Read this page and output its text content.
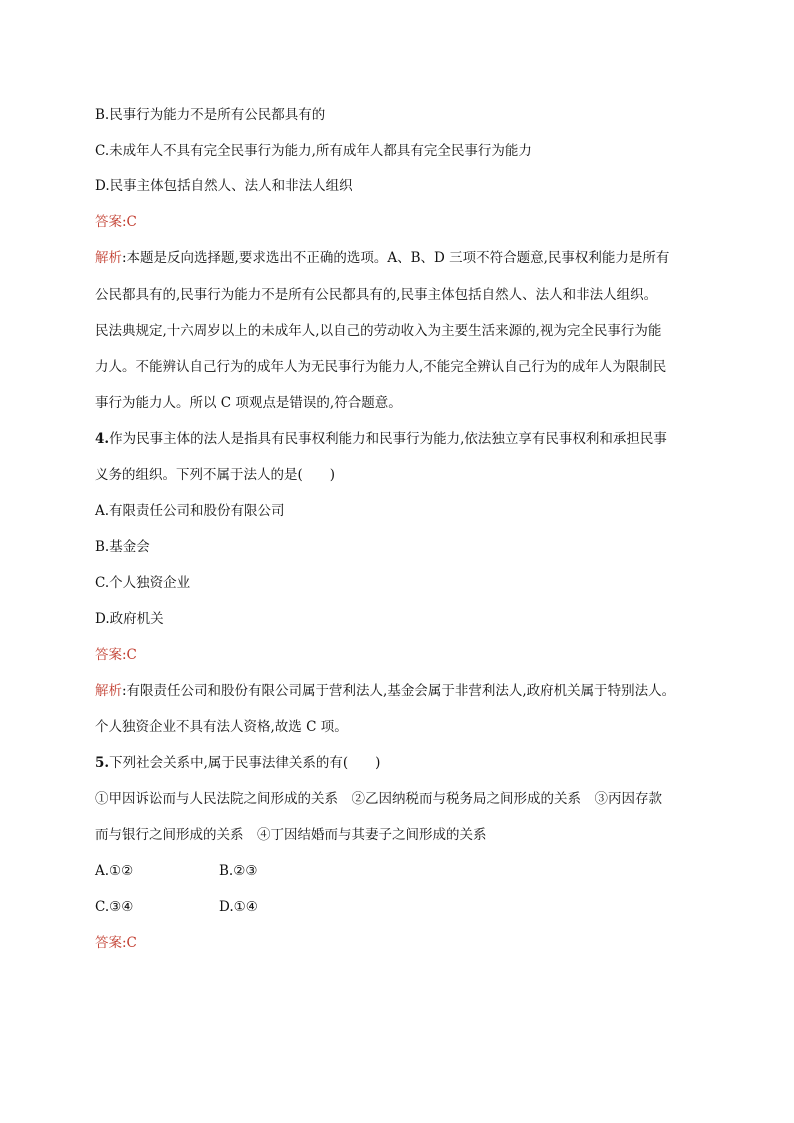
B.民事行为能力不是所有公民都具有的
C.未成年人不具有完全民事行为能力,所有成年人都具有完全民事行为能力
D.民事主体包括自然人、法人和非法人组织
答案:C
解析:本题是反向选择题,要求选出不正确的选项。A、B、D 三项不符合题意,民事权利能力是所有
公民都具有的,民事行为能力不是所有公民都具有的,民事主体包括自然人、法人和非法人组织。
民法典规定,十六周岁以上的未成年人,以自己的劳动收入为主要生活来源的,视为完全民事行为能
力人。不能辨认自己行为的成年人为无民事行为能力人,不能完全辨认自己行为的成年人为限制民
事行为能力人。所以 C 项观点是错误的,符合题意。
4.作为民事主体的法人是指具有民事权利能力和民事行为能力,依法独立享有民事权利和承担民事
义务的组织。下列不属于法人的是(　　)
A.有限责任公司和股份有限公司
B.基金会
C.个人独资企业
D.政府机关
答案:C
解析:有限责任公司和股份有限公司属于营利法人,基金会属于非营利法人,政府机关属于特别法人。
个人独资企业不具有法人资格,故选 C 项。
5.下列社会关系中,属于民事法律关系的有(　　)
①甲因诉讼而与人民法院之间形成的关系　②乙因纳税而与税务局之间形成的关系　③丙因存款
而与银行之间形成的关系　④丁因结婚而与其妻子之间形成的关系
A.①②	B.②③
C.③④	D.①④
答案:C
